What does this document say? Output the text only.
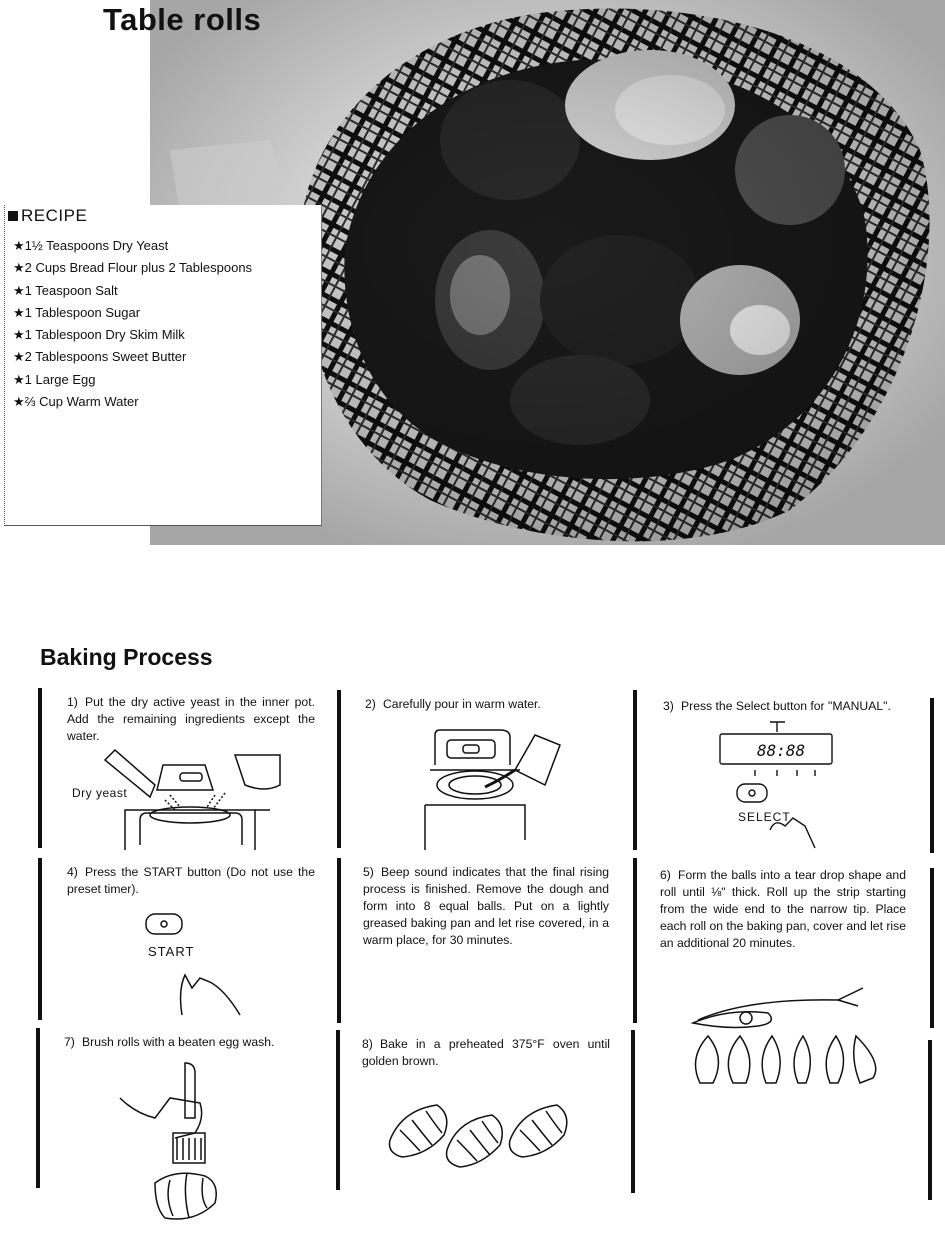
Table rolls
RECIPE
★1½ Teaspoons Dry Yeast
★2 Cups Bread Flour plus 2 Tablespoons
★1 Teaspoon Salt
★1 Tablespoon Sugar
★1 Tablespoon Dry Skim Milk
★2 Tablespoons Sweet Butter
★1 Large Egg
★⅔ Cup Warm Water
Baking Process
1) Put the dry active yeast in the inner pot. Add the remaining ingredients except the water.
2) Carefully pour in warm water.	3) Press the Select button for "MANUAL".
4) Press the START button (Do not use the preset timer).
5) Beep sound indicates that the final rising process is finished. Remove the dough and form into 8 equal balls. Put on a lightly greased baking pan and let rise covered, in a warm place, for 30 minutes.
6) Form the balls into a tear drop shape and roll until ⅛" thick. Roll up the strip starting from the wide end to the narrow tip. Place each roll on the baking pan, cover and let rise an additional 20 minutes.
7) Brush rolls with a beaten egg wash.	8) Bake in a preheated 375°F oven until golden brown.
Dry yeast
88:88
SELECT
START
